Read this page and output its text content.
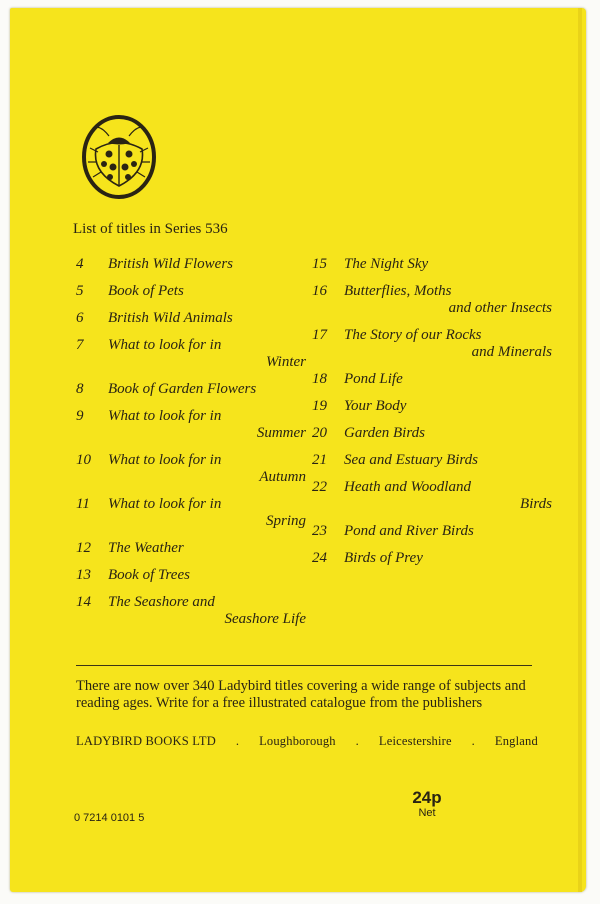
List of titles in Series 536
4	British Wild Flowers
5	Book of Pets
6	British Wild Animals
7	What to look for in
Winter
8	Book of Garden Flowers
9	What to look for in
Summer
10	What to look for in
Autumn
11	What to look for in
Spring
12	The Weather
13	Book of Trees
14	The Seashore and
Seashore Life
15	The Night Sky
16	Butterflies, Moths
and other Insects
17	The Story of our Rocks
and Minerals
18	Pond Life
19	Your Body
20	Garden Birds
21	Sea and Estuary Birds
22	Heath and Woodland
Birds
23	Pond and River Birds
24	Birds of Prey
There are now over 340 Ladybird titles covering a wide range of subjects and reading ages. Write for a free illustrated catalogue from the publishers
LADYBIRD BOOKS LTD . Loughborough . Leicestershire . England
0 7214 0101 5
24p
Net
